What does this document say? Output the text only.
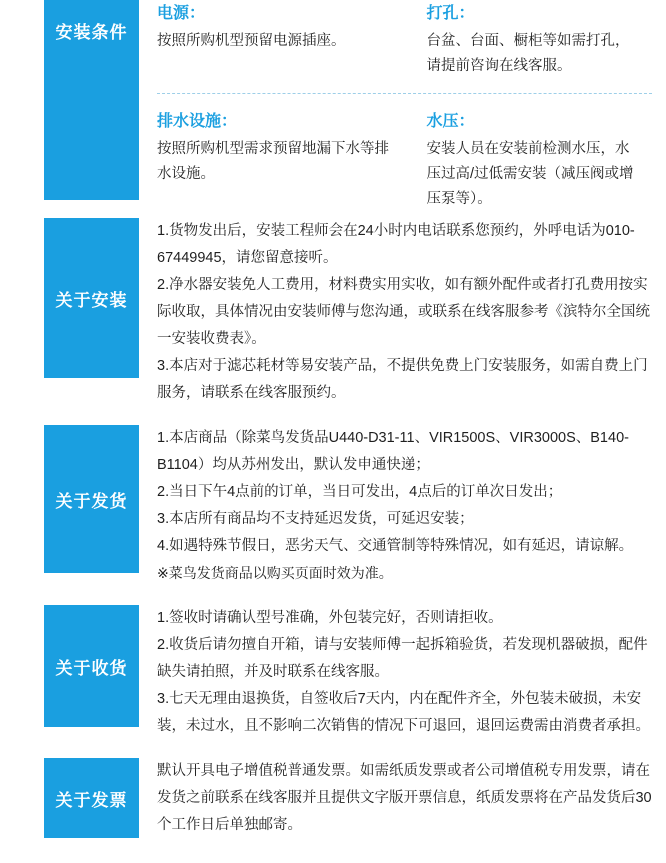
安装条件
电源：
按照所购机型预留电源插座。
打孔：
台盆、台面、橱柜等如需打孔，请提前咨询在线客服。
排水设施：
按照所购机型需求预留地漏下水等排水设施。
水压：
安装人员在安装前检测水压，水压过高/过低需安装（减压阀或增压泵等）。
关于安装

1.货物发出后，安装工程师会在24小时内电话联系您预约，外呼电话为010-67449945，请您留意接听。

2.净水器安装免人工费用，材料费实用实收，如有额外配件或者打孔费用按实际收取，具体情况由安装师傅与您沟通，或联系在线客服参考《滨特尔全国统一安装收费表》。

3.本店对于滤芯耗材等易安装产品，不提供免费上门安装服务，如需自费上门服务，请联系在线客服预约。

关于发货

1.本店商品（除菜鸟发货品U440-D31-11、VIR1500S、VIR3000S、B140-B1104）均从苏州发出，默认发申通快递；

2.当日下午4点前的订单，当日可发出，4点后的订单次日发出；

3.本店所有商品均不支持延迟发货，可延迟安装；

4.如遇特殊节假日，恶劣天气、交通管制等特殊情况，如有延迟，请谅解。

※菜鸟发货商品以购买页面时效为准。

关于收货

1.签收时请确认型号准确，外包装完好，否则请拒收。

2.收货后请勿擅自开箱，请与安装师傅一起拆箱验货，若发现机器破损，配件缺失请拍照，并及时联系在线客服。

3.七天无理由退换货，自签收后7天内，内在配件齐全，外包装未破损，未安装，未过水，且不影响二次销售的情况下可退回，退回运费需由消费者承担。

关于发票

默认开具电子增值税普通发票。如需纸质发票或者公司增值税专用发票，请在发货之前联系在线客服并且提供文字版开票信息，纸质发票将在产品发货后30个工作日后单独邮寄。
